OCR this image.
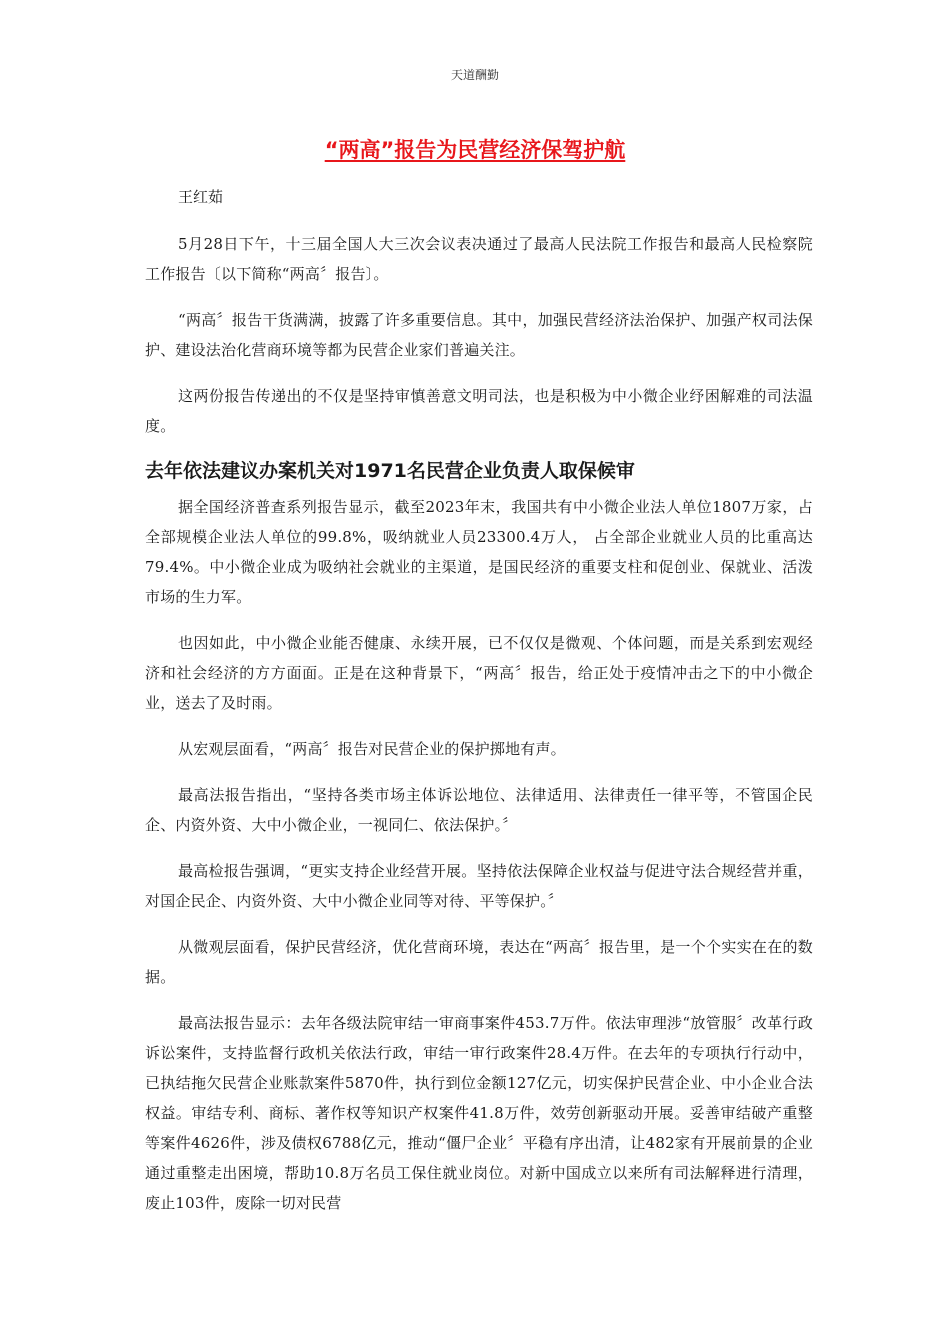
天道酬勤
“两高”报告为民营经济保驾护航
王红茹

5月28日下午，十三届全国人大三次会议表决通过了最高人民法院工作报告和最高人民检察院工作报告〔以下简称“两高〞报告〕。

“两高〞报告干货满满，披露了许多重要信息。其中，加强民营经济法治保护、加强产权司法保护、建设法治化营商环境等都为民营企业家们普遍关注。

这两份报告传递出的不仅是坚持审慎善意文明司法，也是积极为中小微企业纾困解难的司法温度。

去年依法建议办案机关对1971名民营企业负责人取保候审

据全国经济普查系列报告显示，截至2023年末，我国共有中小微企业法人单位1807万家，占全部规模企业法人单位的99.8%，吸纳就业人员23300.4万人， 占全部企业就业人员的比重高达79.4%。中小微企业成为吸纳社会就业的主渠道，是国民经济的重要支柱和促创业、保就业、活泼市场的生力军。

也因如此，中小微企业能否健康、永续开展，已不仅仅是微观、个体问题，而是关系到宏观经济和社会经济的方方面面。正是在这种背景下，“两高〞报告，给正处于疫情冲击之下的中小微企业，送去了及时雨。

从宏观层面看，“两高〞报告对民营企业的保护掷地有声。

最高法报告指出，“坚持各类市场主体诉讼地位、法律适用、法律责任一律平等，不管国企民企、内资外资、大中小微企业，一视同仁、依法保护。〞

最高检报告强调，“更实支持企业经营开展。坚持依法保障企业权益与促进守法合规经营并重，对国企民企、内资外资、大中小微企业同等对待、平等保护。〞

从微观层面看，保护民营经济，优化营商环境，表达在“两高〞报告里，是一个个实实在在的数据。

最高法报告显示：去年各级法院审结一审商事案件453.7万件。依法审理涉“放管服〞改革行政诉讼案件，支持监督行政机关依法行政，审结一审行政案件28.4万件。在去年的专项执行行动中，已执结拖欠民营企业账款案件5870件，执行到位金额127亿元，切实保护民营企业、中小企业合法权益。审结专利、商标、著作权等知识产权案件41.8万件，效劳创新驱动开展。妥善审结破产重整等案件4626件，涉及债权6788亿元，推动“僵尸企业〞平稳有序出清，让482家有开展前景的企业通过重整走出困境，帮助10.8万名员工保住就业岗位。对新中国成立以来所有司法解释进行清理，废止103件，废除一切对民营
